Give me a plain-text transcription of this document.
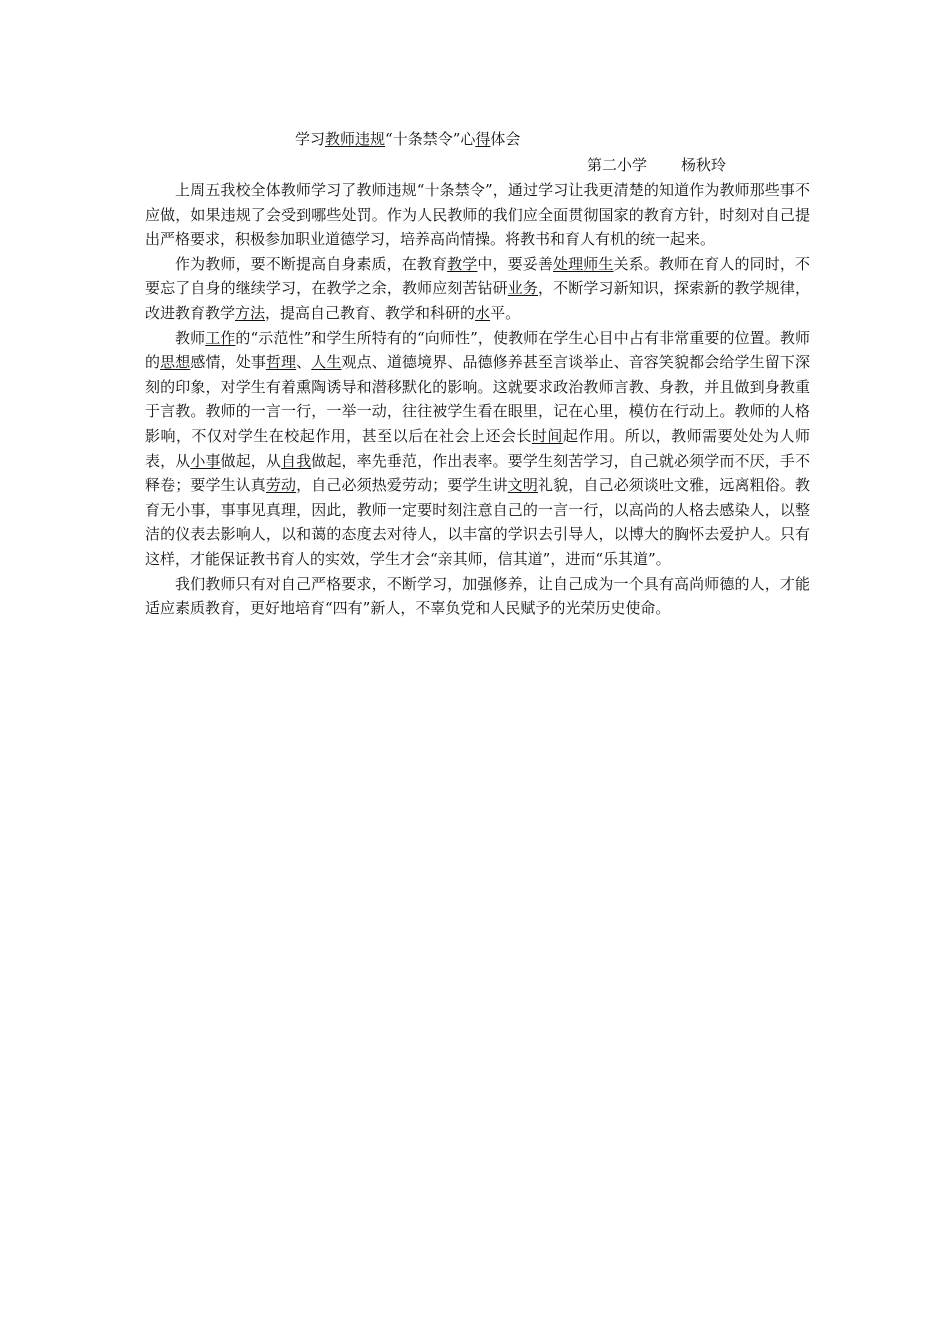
学习教师违规“十条禁令”心得体会

第二小学 杨秋玲

上周五我校全体教师学习了教师违规“十条禁令”，通过学习让我更清楚的知道作为教师那些事不应做，如果违规了会受到哪些处罚。作为人民教师的我们应全面贯彻国家的教育方针，时刻对自己提出严格要求，积极参加职业道德学习，培养高尚情操。将教书和育人有机的统一起来。

作为教师，要不断提高自身素质，在教育教学中，要妥善处理师生关系。教师在育人的同时，不要忘了自身的继续学习，在教学之余，教师应刻苦钻研业务，不断学习新知识，探索新的教学规律，改进教育教学方法，提高自己教育、教学和科研的水平。

教师工作的“示范性”和学生所特有的“向师性”，使教师在学生心目中占有非常重要的位置。教师的思想感情，处事哲理、人生观点、道德境界、品德修养甚至言谈举止、音容笑貌都会给学生留下深刻的印象，对学生有着熏陶诱导和潜移默化的影响。这就要求政治教师言教、身教，并且做到身教重于言教。教师的一言一行，一举一动，往往被学生看在眼里，记在心里，模仿在行动上。教师的人格影响，不仅对学生在校起作用，甚至以后在社会上还会长时间起作用。所以，教师需要处处为人师表，从小事做起，从自我做起，率先垂范，作出表率。要学生刻苦学习，自己就必须学而不厌，手不释卷；要学生认真劳动，自己必须热爱劳动；要学生讲文明礼貌，自己必须谈吐文雅，远离粗俗。教育无小事，事事见真理，因此，教师一定要时刻注意自己的一言一行，以高尚的人格去感染人，以整洁的仪表去影响人，以和蔼的态度去对待人，以丰富的学识去引导人，以博大的胸怀去爱护人。只有这样，才能保证教书育人的实效，学生才会“亲其师，信其道”，进而“乐其道”。

我们教师只有对自己严格要求，不断学习，加强修养，让自己成为一个具有高尚师德的人，才能适应素质教育，更好地培育“四有”新人，不辜负党和人民赋予的光荣历史使命。
